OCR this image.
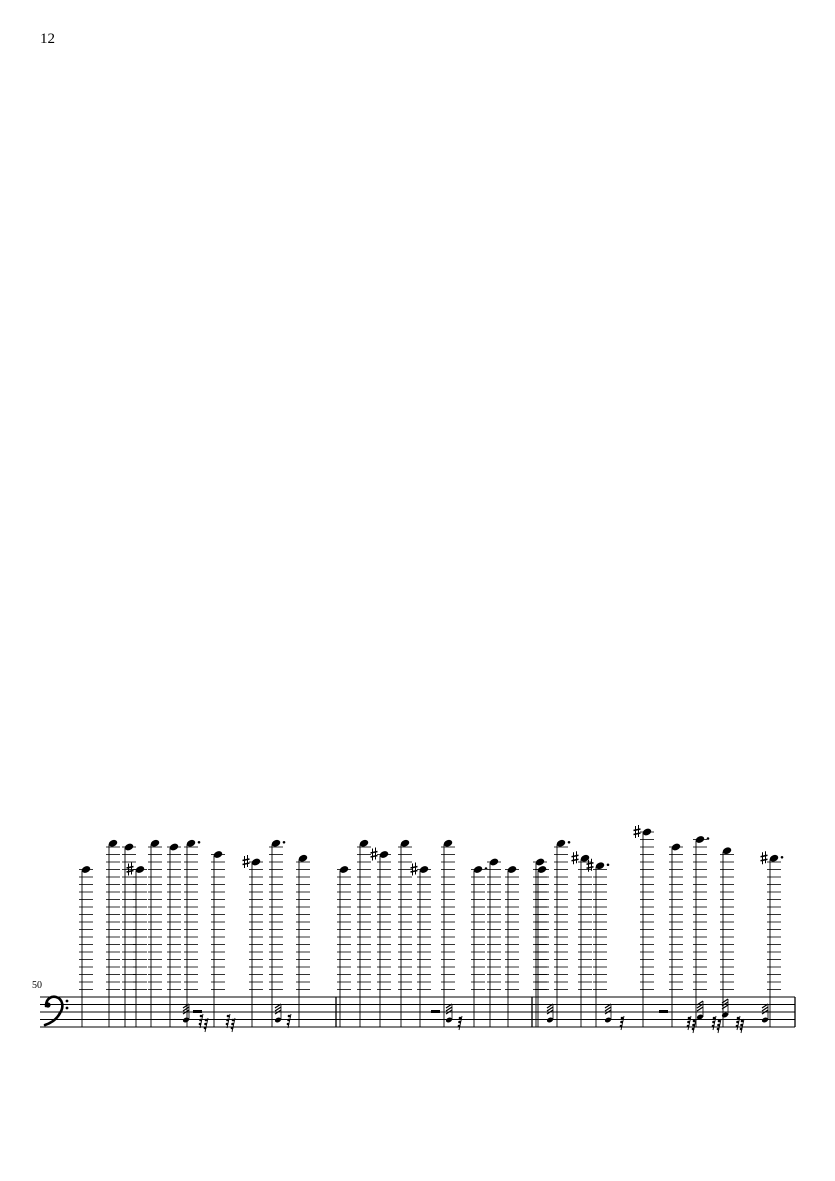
12
50
